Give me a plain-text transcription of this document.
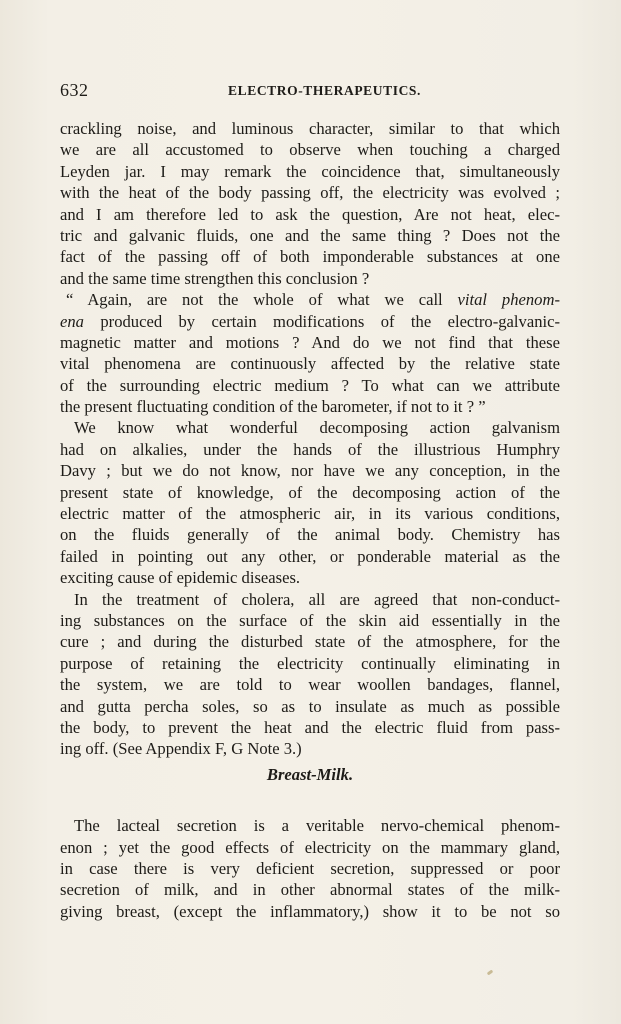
632	ELECTRO-THERAPEUTICS.
crackling noise, and luminous character, similar to that which
we are all accustomed to observe when touching a charged
Leyden jar. I may remark the coincidence that, simultaneously
with the heat of the body passing off, the electricity was evolved ;
and I am therefore led to ask the question, Are not heat, elec-
tric and galvanic fluids, one and the same thing ? Does not the
fact of the passing off of both imponderable substances at one
and the same time strengthen this conclusion ?
“ Again, are not the whole of what we call vital phenom-
ena produced by certain modifications of the electro-galvanic-
magnetic matter and motions ? And do we not find that these
vital phenomena are continuously affected by the relative state
of the surrounding electric medium ? To what can we attribute
the present fluctuating condition of the barometer, if not to it ? ”
We know what wonderful decomposing action galvanism
had on alkalies, under the hands of the illustrious Humphry
Davy ; but we do not know, nor have we any conception, in the
present state of knowledge, of the decomposing action of the
electric matter of the atmospheric air, in its various conditions,
on the fluids generally of the animal body. Chemistry has
failed in pointing out any other, or ponderable material as the
exciting cause of epidemic diseases.
In the treatment of cholera, all are agreed that non-conduct-
ing substances on the surface of the skin aid essentially in the
cure ; and during the disturbed state of the atmosphere, for the
purpose of retaining the electricity continually eliminating in
the system, we are told to wear woollen bandages, flannel,
and gutta percha soles, so as to insulate as much as possible
the body, to prevent the heat and the electric fluid from pass-
ing off. (See Appendix F, G Note 3.)
Breast-Milk.
The lacteal secretion is a veritable nervo-chemical phenom-
enon ; yet the good effects of electricity on the mammary gland,
in case there is very deficient secretion, suppressed or poor
secretion of milk, and in other abnormal states of the milk-
giving breast, (except the inflammatory,) show it to be not so
